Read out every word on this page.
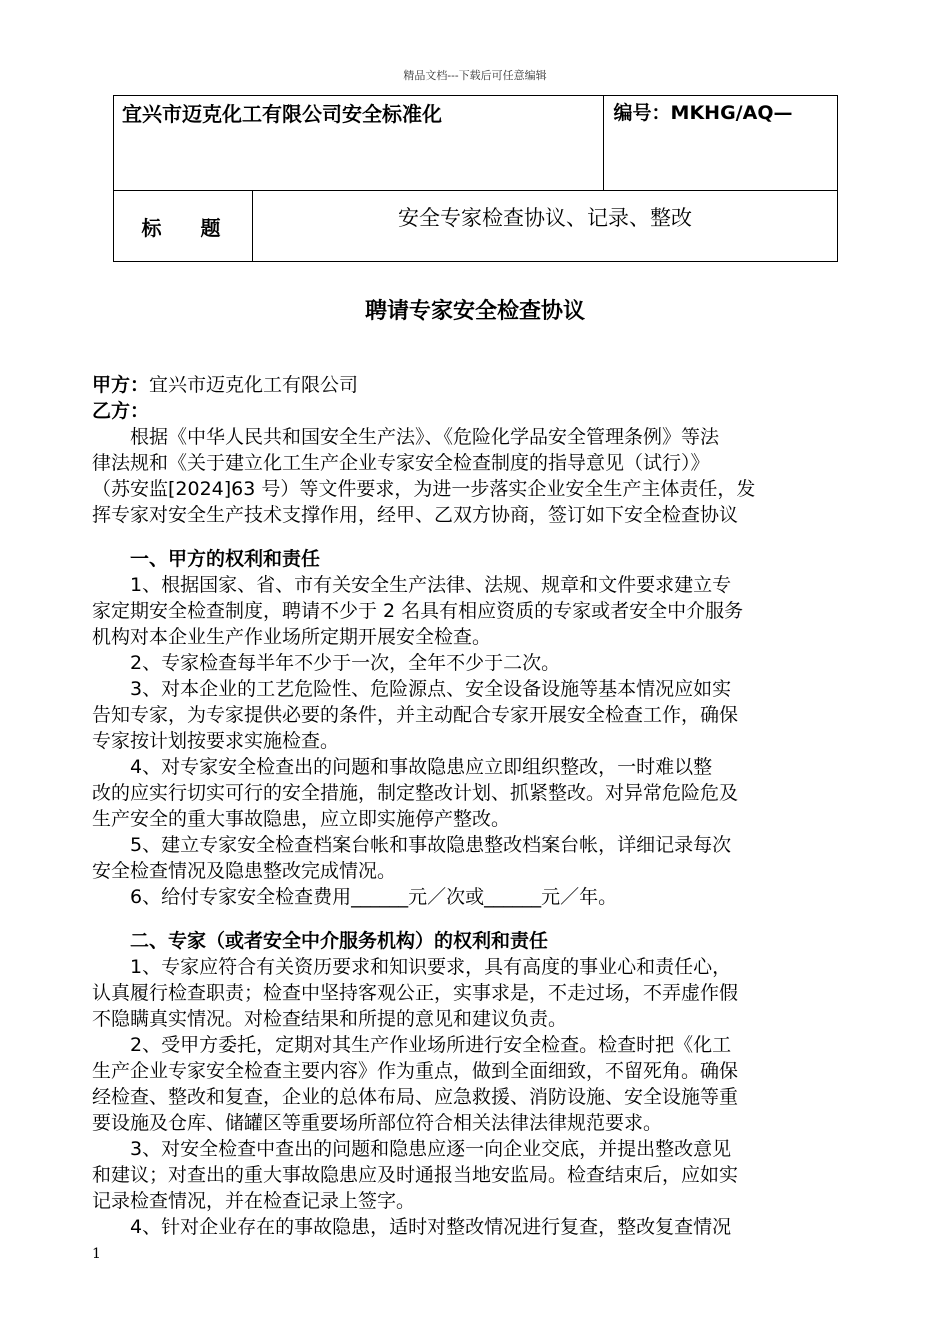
精品文档---下载后可任意编辑
宜兴市迈克化工有限公司安全标准化		编号：MKHG/AQ—
标 题	安全专家检查协议、记录、整改	
聘请专家安全检查协议
甲方：宜兴市迈克化工有限公司
乙方：
根据《中华人民共和国安全生产法》、《危险化学品安全管理条例》等法
律法规和《关于建立化工生产企业专家安全检查制度的指导意见（试行）》
（苏安监[2024]63 号）等文件要求，为进一步落实企业安全生产主体责任，发
挥专家对安全生产技术支撑作用，经甲、乙双方协商，签订如下安全检查协议
一、甲方的权利和责任
1、根据国家、省、市有关安全生产法律、法规、规章和文件要求建立专
家定期安全检查制度，聘请不少于 2 名具有相应资质的专家或者安全中介服务
机构对本企业生产作业场所定期开展安全检查。
2、专家检查每半年不少于一次，全年不少于二次。
3、对本企业的工艺危险性、危险源点、安全设备设施等基本情况应如实
告知专家，为专家提供必要的条件，并主动配合专家开展安全检查工作，确保
专家按计划按要求实施检查。
4、对专家安全检查出的问题和事故隐患应立即组织整改，一时难以整
改的应实行切实可行的安全措施，制定整改计划、抓紧整改。对异常危险危及
生产安全的重大事故隐患，应立即实施停产整改。
5、建立专家安全检查档案台帐和事故隐患整改档案台帐，详细记录每次
安全检查情况及隐患整改完成情况。
6、给付专家安全检查费用______元／次或______元／年。
二、专家（或者安全中介服务机构）的权利和责任
1、专家应符合有关资历要求和知识要求，具有高度的事业心和责任心，
认真履行检查职责；检查中坚持客观公正，实事求是，不走过场，不弄虚作假
不隐瞒真实情况。对检查结果和所提的意见和建议负责。
2、受甲方委托，定期对其生产作业场所进行安全检查。检查时把《化工
生产企业专家安全检查主要内容》作为重点，做到全面细致，不留死角。确保
经检查、整改和复查，企业的总体布局、应急救援、消防设施、安全设施等重
要设施及仓库、储罐区等重要场所部位符合相关法律法律规范要求。
3、对安全检查中查出的问题和隐患应逐一向企业交底，并提出整改意见
和建议；对查出的重大事故隐患应及时通报当地安监局。检查结束后，应如实
记录检查情况，并在检查记录上签字。
4、针对企业存在的事故隐患，适时对整改情况进行复查，整改复查情况
1
